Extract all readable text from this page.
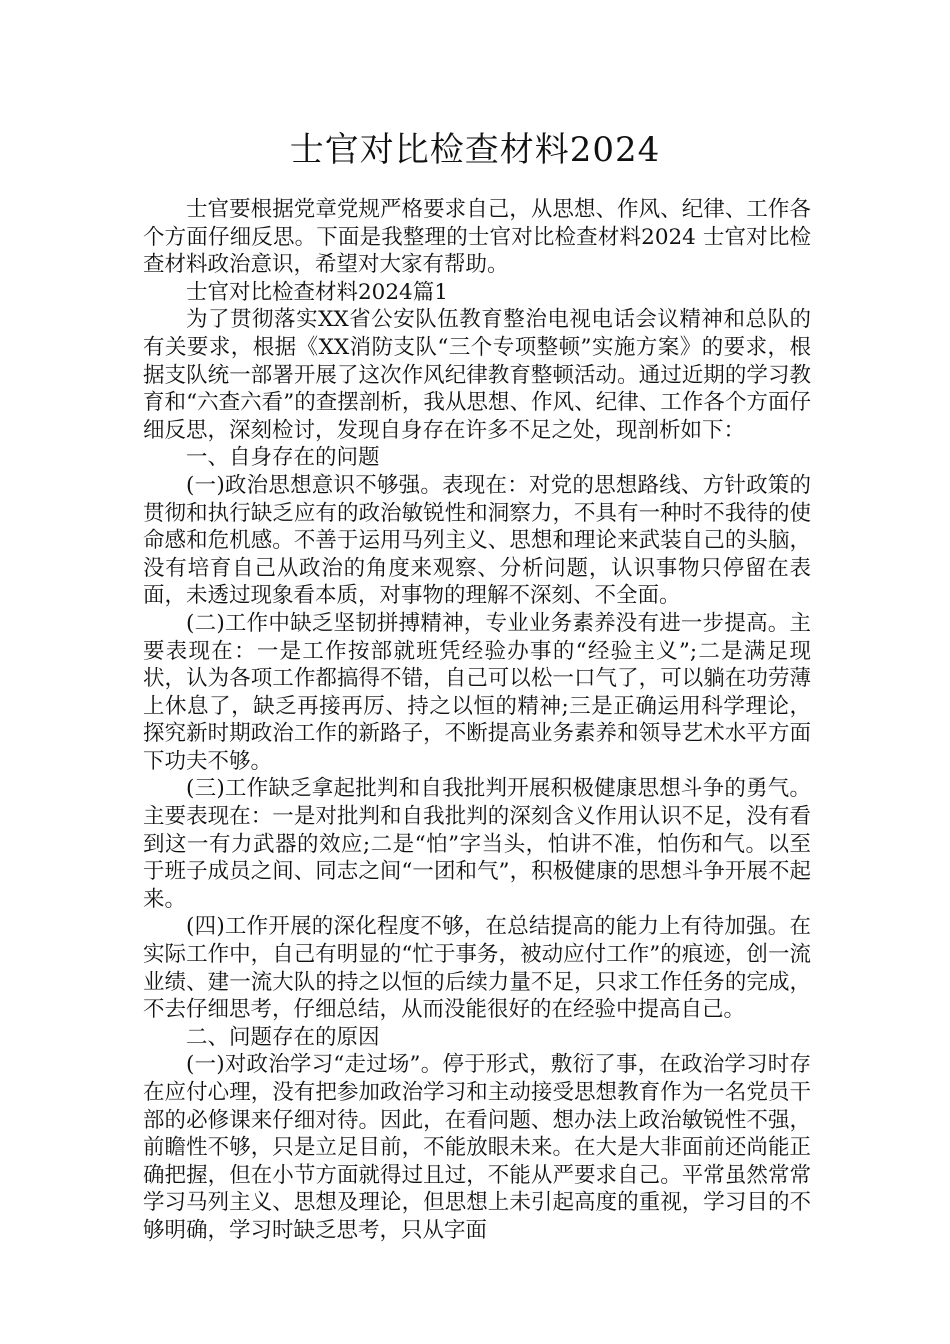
士官对比检查材料2024

士官要根据党章党规严格要求自己，从思想、作风、纪律、工作各个方面仔细反思。下面是我整理的士官对比检查材料2024 士官对比检查材料政治意识，希望对大家有帮助。

士官对比检查材料2024篇1

为了贯彻落实XX省公安队伍教育整治电视电话会议精神和总队的有关要求，根据《XX消防支队“三个专项整顿”实施方案》的要求，根据支队统一部署开展了这次作风纪律教育整顿活动。通过近期的学习教育和“六查六看”的查摆剖析，我从思想、作风、纪律、工作各个方面仔细反思，深刻检讨，发现自身存在许多不足之处，现剖析如下：

一、自身存在的问题

(一)政治思想意识不够强。表现在：对党的思想路线、方针政策的贯彻和执行缺乏应有的政治敏锐性和洞察力，不具有一种时不我待的使命感和危机感。不善于运用马列主义、思想和理论来武装自己的头脑，没有培育自己从政治的角度来观察、分析问题，认识事物只停留在表面，未透过现象看本质，对事物的理解不深刻、不全面。

(二)工作中缺乏坚韧拼搏精神，专业业务素养没有进一步提高。主要表现在：一是工作按部就班凭经验办事的“经验主义”;二是满足现状，认为各项工作都搞得不错，自己可以松一口气了，可以躺在功劳薄上休息了，缺乏再接再厉、持之以恒的精神;三是正确运用科学理论，探究新时期政治工作的新路子，不断提高业务素养和领导艺术水平方面下功夫不够。

(三)工作缺乏拿起批判和自我批判开展积极健康思想斗争的勇气。主要表现在：一是对批判和自我批判的深刻含义作用认识不足，没有看到这一有力武器的效应;二是“怕”字当头，怕讲不准，怕伤和气。以至于班子成员之间、同志之间“一团和气”，积极健康的思想斗争开展不起来。

(四)工作开展的深化程度不够，在总结提高的能力上有待加强。在实际工作中，自己有明显的“忙于事务，被动应付工作”的痕迹，创一流业绩、建一流大队的持之以恒的后续力量不足，只求工作任务的完成，不去仔细思考，仔细总结，从而没能很好的在经验中提高自己。

二、问题存在的原因

(一)对政治学习“走过场”。停于形式，敷衍了事，在政治学习时存在应付心理，没有把参加政治学习和主动接受思想教育作为一名党员干部的必修课来仔细对待。因此，在看问题、想办法上政治敏锐性不强，前瞻性不够，只是立足目前，不能放眼未来。在大是大非面前还尚能正确把握，但在小节方面就得过且过，不能从严要求自己。平常虽然常常学习马列主义、思想及理论，但思想上未引起高度的重视，学习目的不够明确，学习时缺乏思考，只从字面
